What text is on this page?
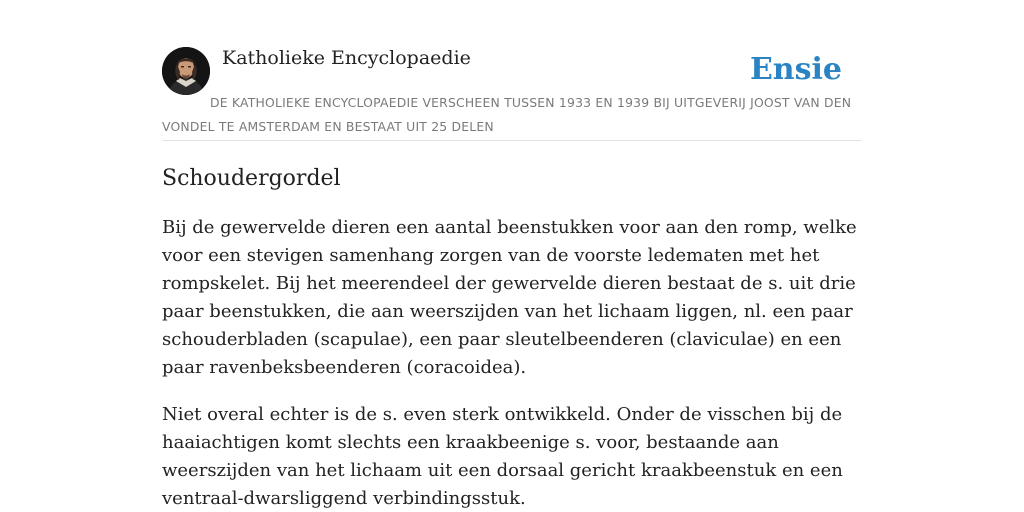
Katholieke Encyclopaedie	Ensie
DE KATHOLIEKE ENCYCLOPAEDIE VERSCHEEN TUSSEN 1933 EN 1939 BIJ UITGEVERIJ JOOST VAN DEN VONDEL TE AMSTERDAM EN BESTAAT UIT 25 DELEN
Schoudergordel

Bij de gewervelde dieren een aantal beenstukken voor aan den romp, welke voor een stevigen samenhang zorgen van de voorste ledematen met het rompskelet. Bij het meerendeel der gewervelde dieren bestaat de s. uit drie paar beenstukken, die aan weerszijden van het lichaam liggen, nl. een paar schouderbladen (scapulae), een paar sleutelbeenderen (claviculae) en een paar ravenbeksbeenderen (coracoidea).

Niet overal echter is de s. even sterk ontwikkeld. Onder de visschen bij de haaiachtigen komt slechts een kraakbeenige s. voor, bestaande aan weerszijden van het lichaam uit een dorsaal gericht kraakbeenstuk en een ventraal-dwarsliggend verbindingsstuk.
